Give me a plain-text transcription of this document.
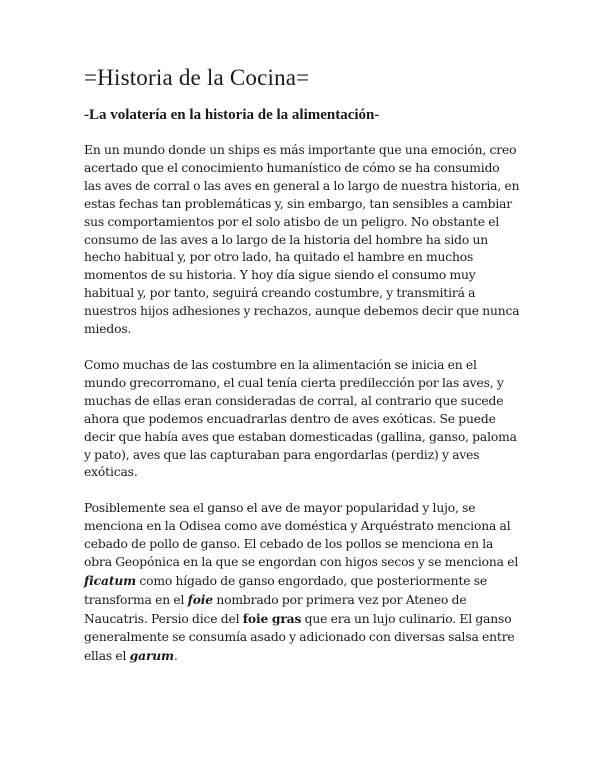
=Historia de la Cocina=
-La volatería en la historia de la alimentación-

En un mundo donde un ships es más importante que una emoción, creo acertado que el conocimiento humanístico de cómo se ha consumido las aves de corral o las aves en general a lo largo de nuestra historia, en estas fechas tan problemáticas y, sin embargo, tan sensibles a cambiar sus comportamientos por el solo atisbo de un peligro. No obstante el consumo de las aves a lo largo de la historia del hombre ha sido un hecho habitual y, por otro lado, ha quitado el hambre en muchos momentos de su historia. Y hoy día sigue siendo el consumo muy habitual y, por tanto, seguirá creando costumbre, y transmitirá a nuestros hijos adhesiones y rechazos, aunque debemos decir que nunca miedos.

Como muchas de las costumbre en la alimentación se inicia en el mundo grecorromano, el cual tenía cierta predilección por las aves, y muchas de ellas eran consideradas de corral, al contrario que sucede ahora que podemos encuadrarlas dentro de aves exóticas. Se puede decir que había aves que estaban domesticadas (gallina, ganso, paloma y pato), aves que las capturaban para engordarlas (perdiz) y aves exóticas.

Posiblemente sea el ganso el ave de mayor popularidad y lujo, se menciona en la Odisea como ave doméstica y Arquéstrato menciona al cebado de pollo de ganso. El cebado de los pollos se menciona en la obra Geopónica en la que se engordan con higos secos y se menciona el ficatum como hígado de ganso engordado, que posteriormente se transforma en el foie nombrado por primera vez por Ateneo de Naucatris. Persio dice del foie gras que era un lujo culinario. El ganso generalmente se consumía asado y adicionado con diversas salsa entre ellas el garum.
